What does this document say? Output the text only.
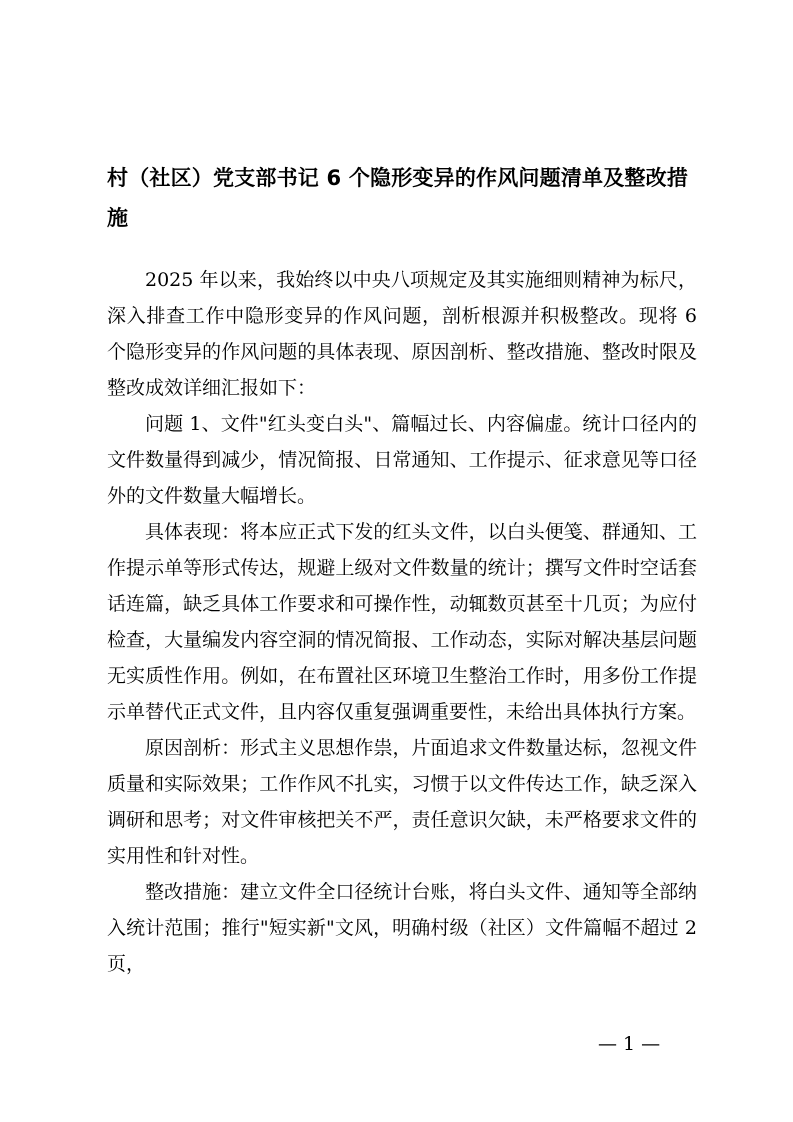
村（社区）党支部书记 6 个隐形变异的作风问题清单及整改措施

2025 年以来，我始终以中央八项规定及其实施细则精神为标尺，深入排查工作中隐形变异的作风问题，剖析根源并积极整改。现将 6 个隐形变异的作风问题的具体表现、原因剖析、整改措施、整改时限及整改成效详细汇报如下：

问题 1、文件"红头变白头"、篇幅过长、内容偏虚。统计口径内的文件数量得到减少，情况简报、日常通知、工作提示、征求意见等口径外的文件数量大幅增长。

具体表现：将本应正式下发的红头文件，以白头便笺、群通知、工作提示单等形式传达，规避上级对文件数量的统计；撰写文件时空话套话连篇，缺乏具体工作要求和可操作性，动辄数页甚至十几页；为应付检查，大量编发内容空洞的情况简报、工作动态，实际对解决基层问题无实质性作用。例如，在布置社区环境卫生整治工作时，用多份工作提示单替代正式文件，且内容仅重复强调重要性，未给出具体执行方案。

原因剖析：形式主义思想作祟，片面追求文件数量达标，忽视文件质量和实际效果；工作作风不扎实，习惯于以文件传达工作，缺乏深入调研和思考；对文件审核把关不严，责任意识欠缺，未严格要求文件的实用性和针对性。

整改措施：建立文件全口径统计台账，将白头文件、通知等全部纳入统计范围；推行"短实新"文风，明确村级（社区）文件篇幅不超过 2 页，

— 1 —
